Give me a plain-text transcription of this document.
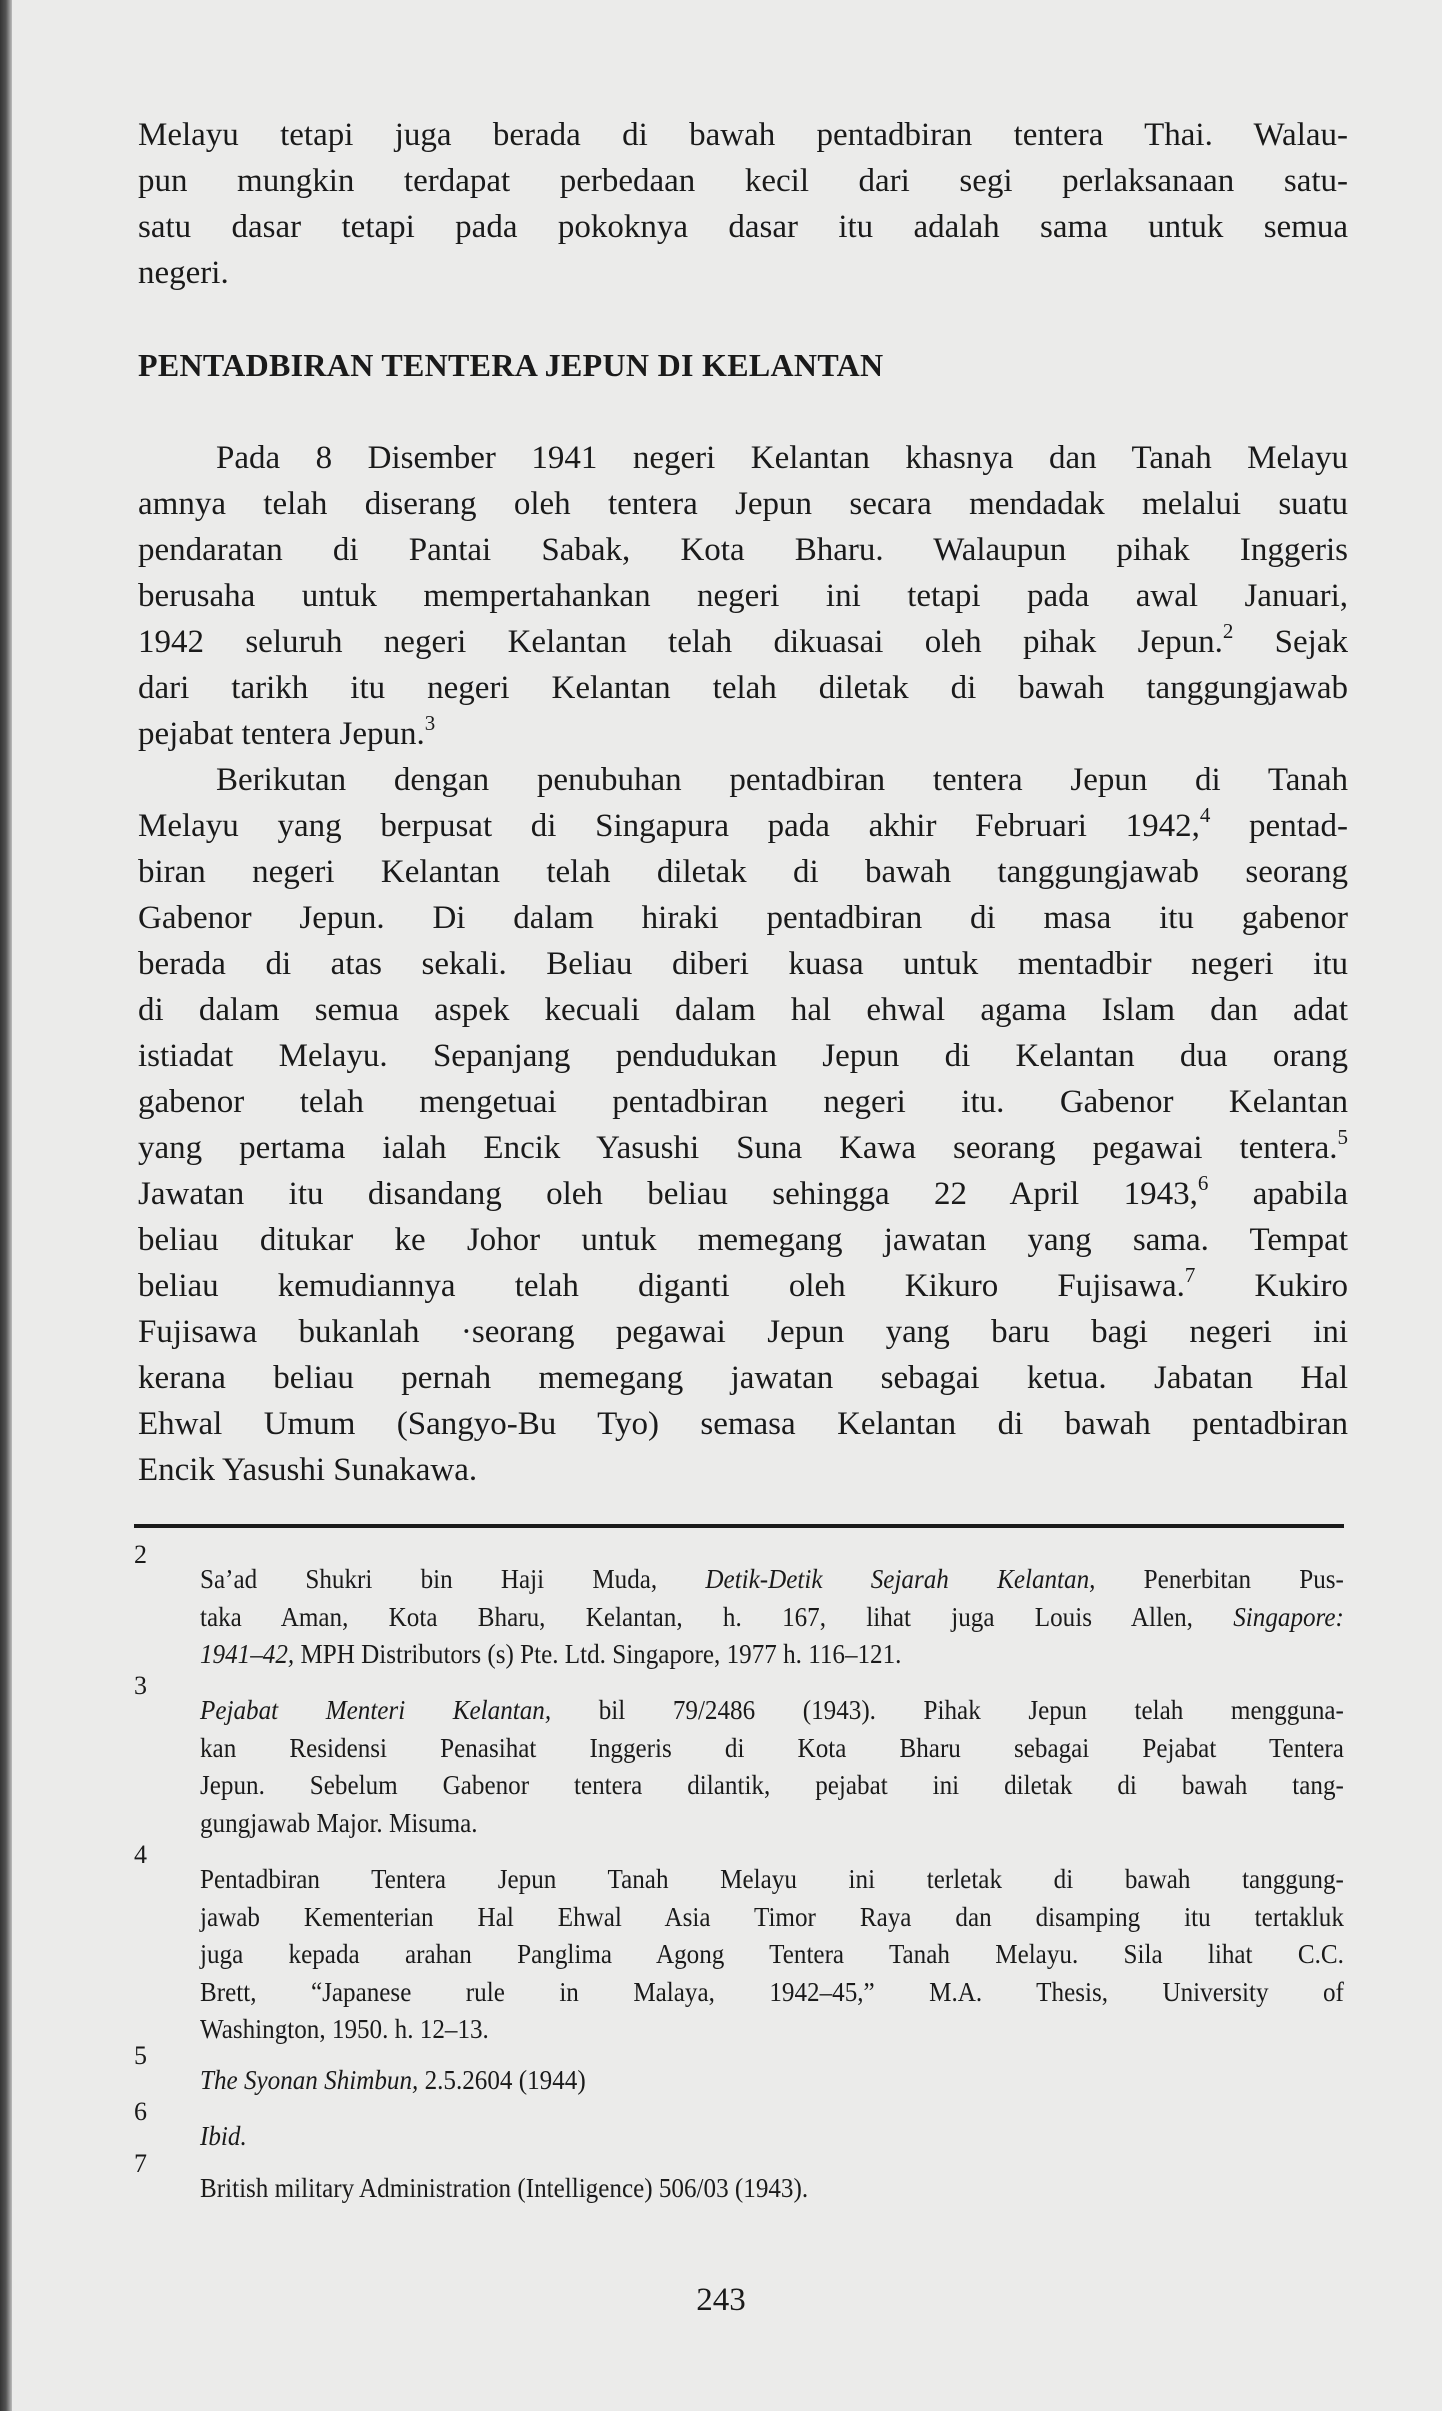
Melayu tetapi juga berada di bawah pentadbiran tentera Thai. Walau-
pun mungkin terdapat perbedaan kecil dari segi perlaksanaan satu-
satu dasar tetapi pada pokoknya dasar itu adalah sama untuk semua
negeri.
PENTADBIRAN TENTERA JEPUN DI KELANTAN
Pada 8 Disember 1941 negeri Kelantan khasnya dan Tanah Melayu
amnya telah diserang oleh tentera Jepun secara mendadak melalui suatu
pendaratan di Pantai Sabak, Kota Bharu. Walaupun pihak Inggeris
berusaha untuk mempertahankan negeri ini tetapi pada awal Januari,
1942 seluruh negeri Kelantan telah dikuasai oleh pihak Jepun.$^2$ Sejak
dari tarikh itu negeri Kelantan telah diletak di bawah tanggungjawab
pejabat tentera Jepun.$^3$
Berikutan dengan penubuhan pentadbiran tentera Jepun di Tanah
Melayu yang berpusat di Singapura pada akhir Februari 1942,$^4$ pentad-
biran negeri Kelantan telah diletak di bawah tanggungjawab seorang
Gabenor Jepun. Di dalam hiraki pentadbiran di masa itu gabenor
berada di atas sekali. Beliau diberi kuasa untuk mentadbir negeri itu
di dalam semua aspek kecuali dalam hal ehwal agama Islam dan adat
istiadat Melayu. Sepanjang pendudukan Jepun di Kelantan dua orang
gabenor telah mengetuai pentadbiran negeri itu. Gabenor Kelantan
yang pertama ialah Encik Yasushi Suna Kawa seorang pegawai tentera.$^5$
Jawatan itu disandang oleh beliau sehingga 22 April 1943,$^6$ apabila
beliau ditukar ke Johor untuk memegang jawatan yang sama. Tempat
beliau kemudiannya telah diganti oleh Kikuro Fujisawa.$^7$ Kukiro
Fujisawa bukanlah ·seorang pegawai Jepun yang baru bagi negeri ini
kerana beliau pernah memegang jawatan sebagai ketua. Jabatan Hal
Ehwal Umum (Sangyo-Bu Tyo) semasa Kelantan di bawah pentadbiran
Encik Yasushi Sunakawa.
2
Sa’ad Shukri bin Haji Muda, Detik-Detik Sejarah Kelantan, Penerbitan Pus-
taka Aman, Kota Bharu, Kelantan, h. 167, lihat juga Louis Allen, Singapore:
1941–42, MPH Distributors (s) Pte. Ltd. Singapore, 1977 h. 116–121.
3
Pejabat Menteri Kelantan, bil 79/2486 (1943). Pihak Jepun telah mengguna-
kan Residensi Penasihat Inggeris di Kota Bharu sebagai Pejabat Tentera
Jepun. Sebelum Gabenor tentera dilantik, pejabat ini diletak di bawah tang-
gungjawab Major. Misuma.
4
Pentadbiran Tentera Jepun Tanah Melayu ini terletak di bawah tanggung-
jawab Kementerian Hal Ehwal Asia Timor Raya dan disamping itu tertakluk
juga kepada arahan Panglima Agong Tentera Tanah Melayu. Sila lihat C.C.
Brett, “Japanese rule in Malaya, 1942–45,” M.A. Thesis, University of
Washington, 1950. h. 12–13.
5
The Syonan Shimbun, 2.5.2604 (1944)
6
Ibid.
7
British military Administration (Intelligence) 506/03 (1943).
243
